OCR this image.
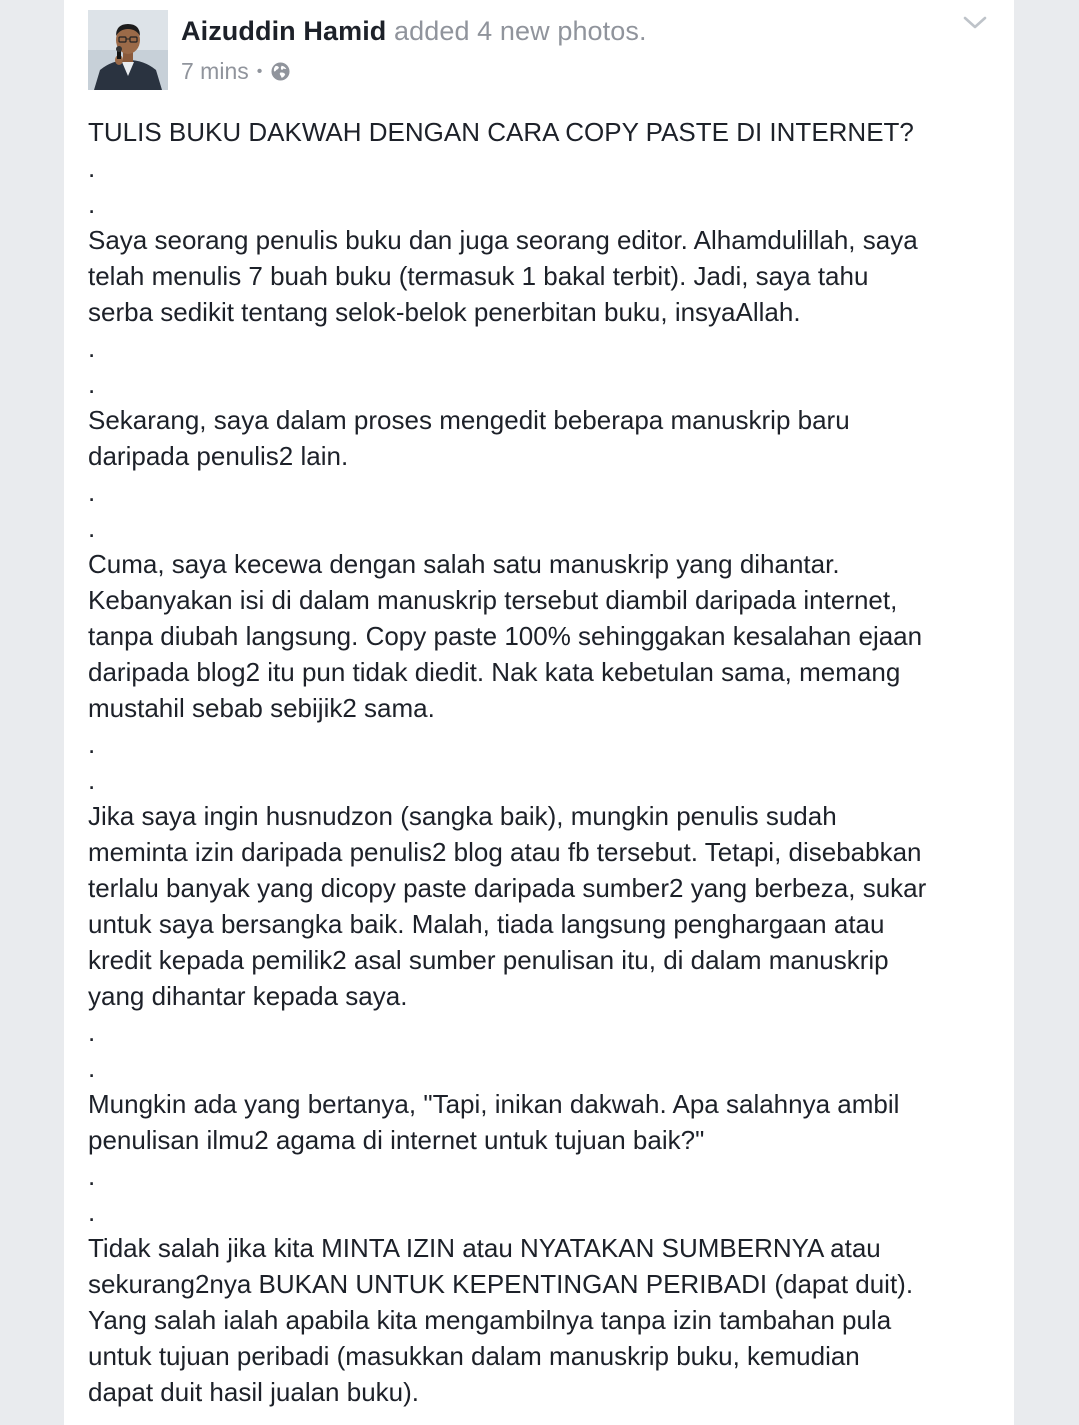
Aizuddin Hamid added 4 new photos.
7 mins •
TULIS BUKU DAKWAH DENGAN CARA COPY PASTE DI INTERNET?
.
.
Saya seorang penulis buku dan juga seorang editor. Alhamdulillah, saya
telah menulis 7 buah buku (termasuk 1 bakal terbit). Jadi, saya tahu
serba sedikit tentang selok-belok penerbitan buku, insyaAllah.
.
.
Sekarang, saya dalam proses mengedit beberapa manuskrip baru
daripada penulis2 lain.
.
.
Cuma, saya kecewa dengan salah satu manuskrip yang dihantar.
Kebanyakan isi di dalam manuskrip tersebut diambil daripada internet,
tanpa diubah langsung. Copy paste 100% sehinggakan kesalahan ejaan
daripada blog2 itu pun tidak diedit. Nak kata kebetulan sama, memang
mustahil sebab sebijik2 sama.
.
.
Jika saya ingin husnudzon (sangka baik), mungkin penulis sudah
meminta izin daripada penulis2 blog atau fb tersebut. Tetapi, disebabkan
terlalu banyak yang dicopy paste daripada sumber2 yang berbeza, sukar
untuk saya bersangka baik. Malah, tiada langsung penghargaan atau
kredit kepada pemilik2 asal sumber penulisan itu, di dalam manuskrip
yang dihantar kepada saya.
.
.
Mungkin ada yang bertanya, "Tapi, inikan dakwah. Apa salahnya ambil
penulisan ilmu2 agama di internet untuk tujuan baik?"
.
.
Tidak salah jika kita MINTA IZIN atau NYATAKAN SUMBERNYA atau
sekurang2nya BUKAN UNTUK KEPENTINGAN PERIBADI (dapat duit).
Yang salah ialah apabila kita mengambilnya tanpa izin tambahan pula
untuk tujuan peribadi (masukkan dalam manuskrip buku, kemudian
dapat duit hasil jualan buku).
